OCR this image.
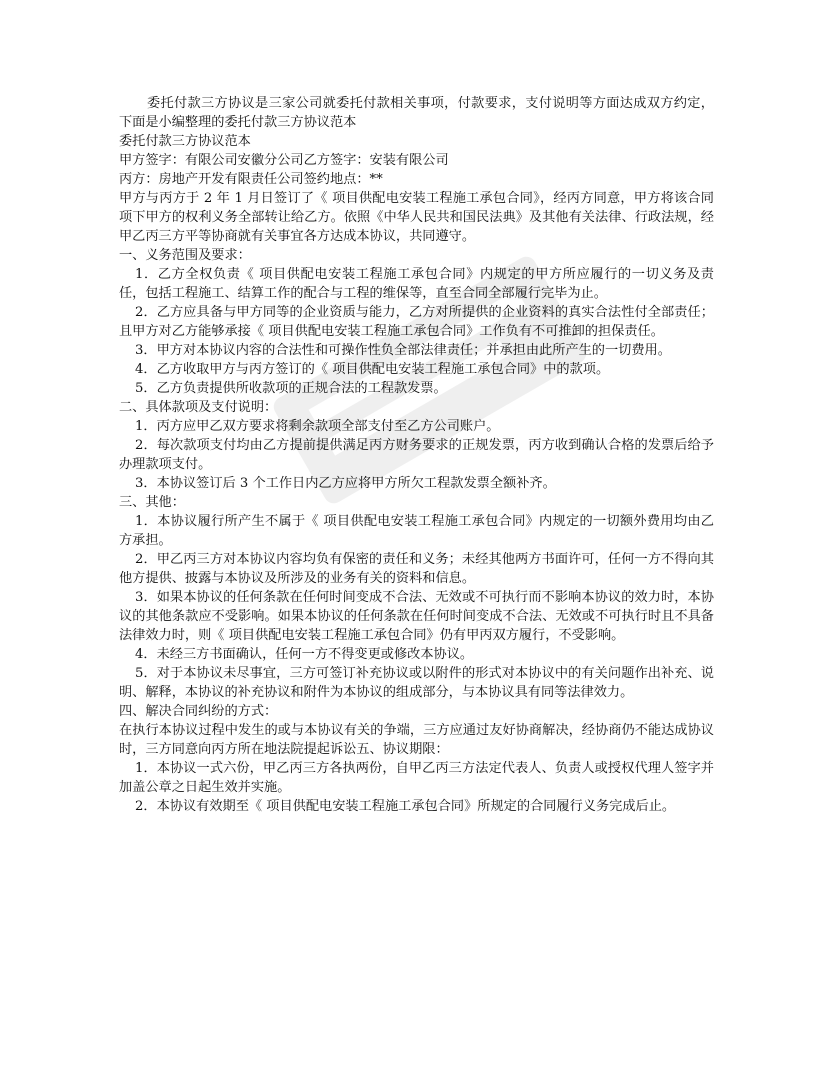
委托付款三方协议是三家公司就委托付款相关事项，付款要求，支付说明等方面达成双方约定，下面是小编整理的委托付款三方协议范本

委托付款三方协议范本

甲方签字：有限公司安徽分公司乙方签字：安装有限公司

丙方：房地产开发有限责任公司签约地点：**

甲方与丙方于 2 年 1 月日签订了《 项目供配电安装工程施工承包合同》，经丙方同意，甲方将该合同项下甲方的权利义务全部转让给乙方。依照《中华人民共和国民法典》及其他有关法律、行政法规，经甲乙丙三方平等协商就有关事宜各方达成本协议，共同遵守。

一、义务范围及要求：

1．乙方全权负责《 项目供配电安装工程施工承包合同》内规定的甲方所应履行的一切义务及责任，包括工程施工、结算工作的配合与工程的维保等，直至合同全部履行完毕为止。

2．乙方应具备与甲方同等的企业资质与能力，乙方对所提供的企业资料的真实合法性付全部责任；且甲方对乙方能够承接《 项目供配电安装工程施工承包合同》工作负有不可推卸的担保责任。

3．甲方对本协议内容的合法性和可操作性负全部法律责任；并承担由此所产生的一切费用。

4．乙方收取甲方与丙方签订的《 项目供配电安装工程施工承包合同》中的款项。

5．乙方负责提供所收款项的正规合法的工程款发票。

二、具体款项及支付说明：

1．丙方应甲乙双方要求将剩余款项全部支付至乙方公司账户。

2．每次款项支付均由乙方提前提供满足丙方财务要求的正规发票，丙方收到确认合格的发票后给予办理款项支付。

3．本协议签订后 3 个工作日内乙方应将甲方所欠工程款发票全额补齐。

三、其他：

1．本协议履行所产生不属于《 项目供配电安装工程施工承包合同》内规定的一切额外费用均由乙方承担。

2．甲乙丙三方对本协议内容均负有保密的责任和义务；未经其他两方书面许可，任何一方不得向其他方提供、披露与本协议及所涉及的业务有关的资料和信息。

3．如果本协议的任何条款在任何时间变成不合法、无效或不可执行而不影响本协议的效力时，本协议的其他条款应不受影响。如果本协议的任何条款在任何时间变成不合法、无效或不可执行时且不具备法律效力时，则《 项目供配电安装工程施工承包合同》仍有甲丙双方履行，不受影响。

4．未经三方书面确认，任何一方不得变更或修改本协议。

5．对于本协议未尽事宜，三方可签订补充协议或以附件的形式对本协议中的有关问题作出补充、说明、解释，本协议的补充协议和附件为本协议的组成部分，与本协议具有同等法律效力。

四、解决合同纠纷的方式：

在执行本协议过程中发生的或与本协议有关的争端，三方应通过友好协商解决，经协商仍不能达成协议时，三方同意向丙方所在地法院提起诉讼五、协议期限：

1．本协议一式六份，甲乙丙三方各执两份，自甲乙丙三方法定代表人、负责人或授权代理人签字并加盖公章之日起生效并实施。

2．本协议有效期至《 项目供配电安装工程施工承包合同》所规定的合同履行义务完成后止。
